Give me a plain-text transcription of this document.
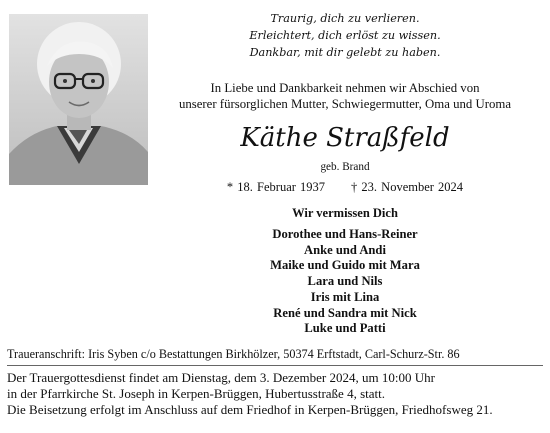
Traurig, dich zu verlieren.
Erleichtert, dich erlöst zu wissen.
Dankbar, mit dir gelebt zu haben.
In Liebe und Dankbarkeit nehmen wir Abschied von
unserer fürsorglichen Mutter, Schwiegermutter, Oma und Uroma
Käthe Straßfeld
geb. Brand
* 18. Februar 1937 † 23. November 2024
Wir vermissen Dich
Dorothee und Hans-Reiner
Anke und Andi
Maike und Guido mit Mara
Lara und Nils
Iris mit Lina
René und Sandra mit Nick
Luke und Patti
Traueranschrift: Iris Syben c/o Bestattungen Birkhölzer, 50374 Erftstadt, Carl-Schurz-Str. 86
Der Trauergottesdienst findet am Dienstag, dem 3. Dezember 2024, um 10:00 Uhr
in der Pfarrkirche St. Joseph in Kerpen-Brüggen, Hubertusstraße 4, statt.
Die Beisetzung erfolgt im Anschluss auf dem Friedhof in Kerpen-Brüggen, Friedhofsweg 21.
